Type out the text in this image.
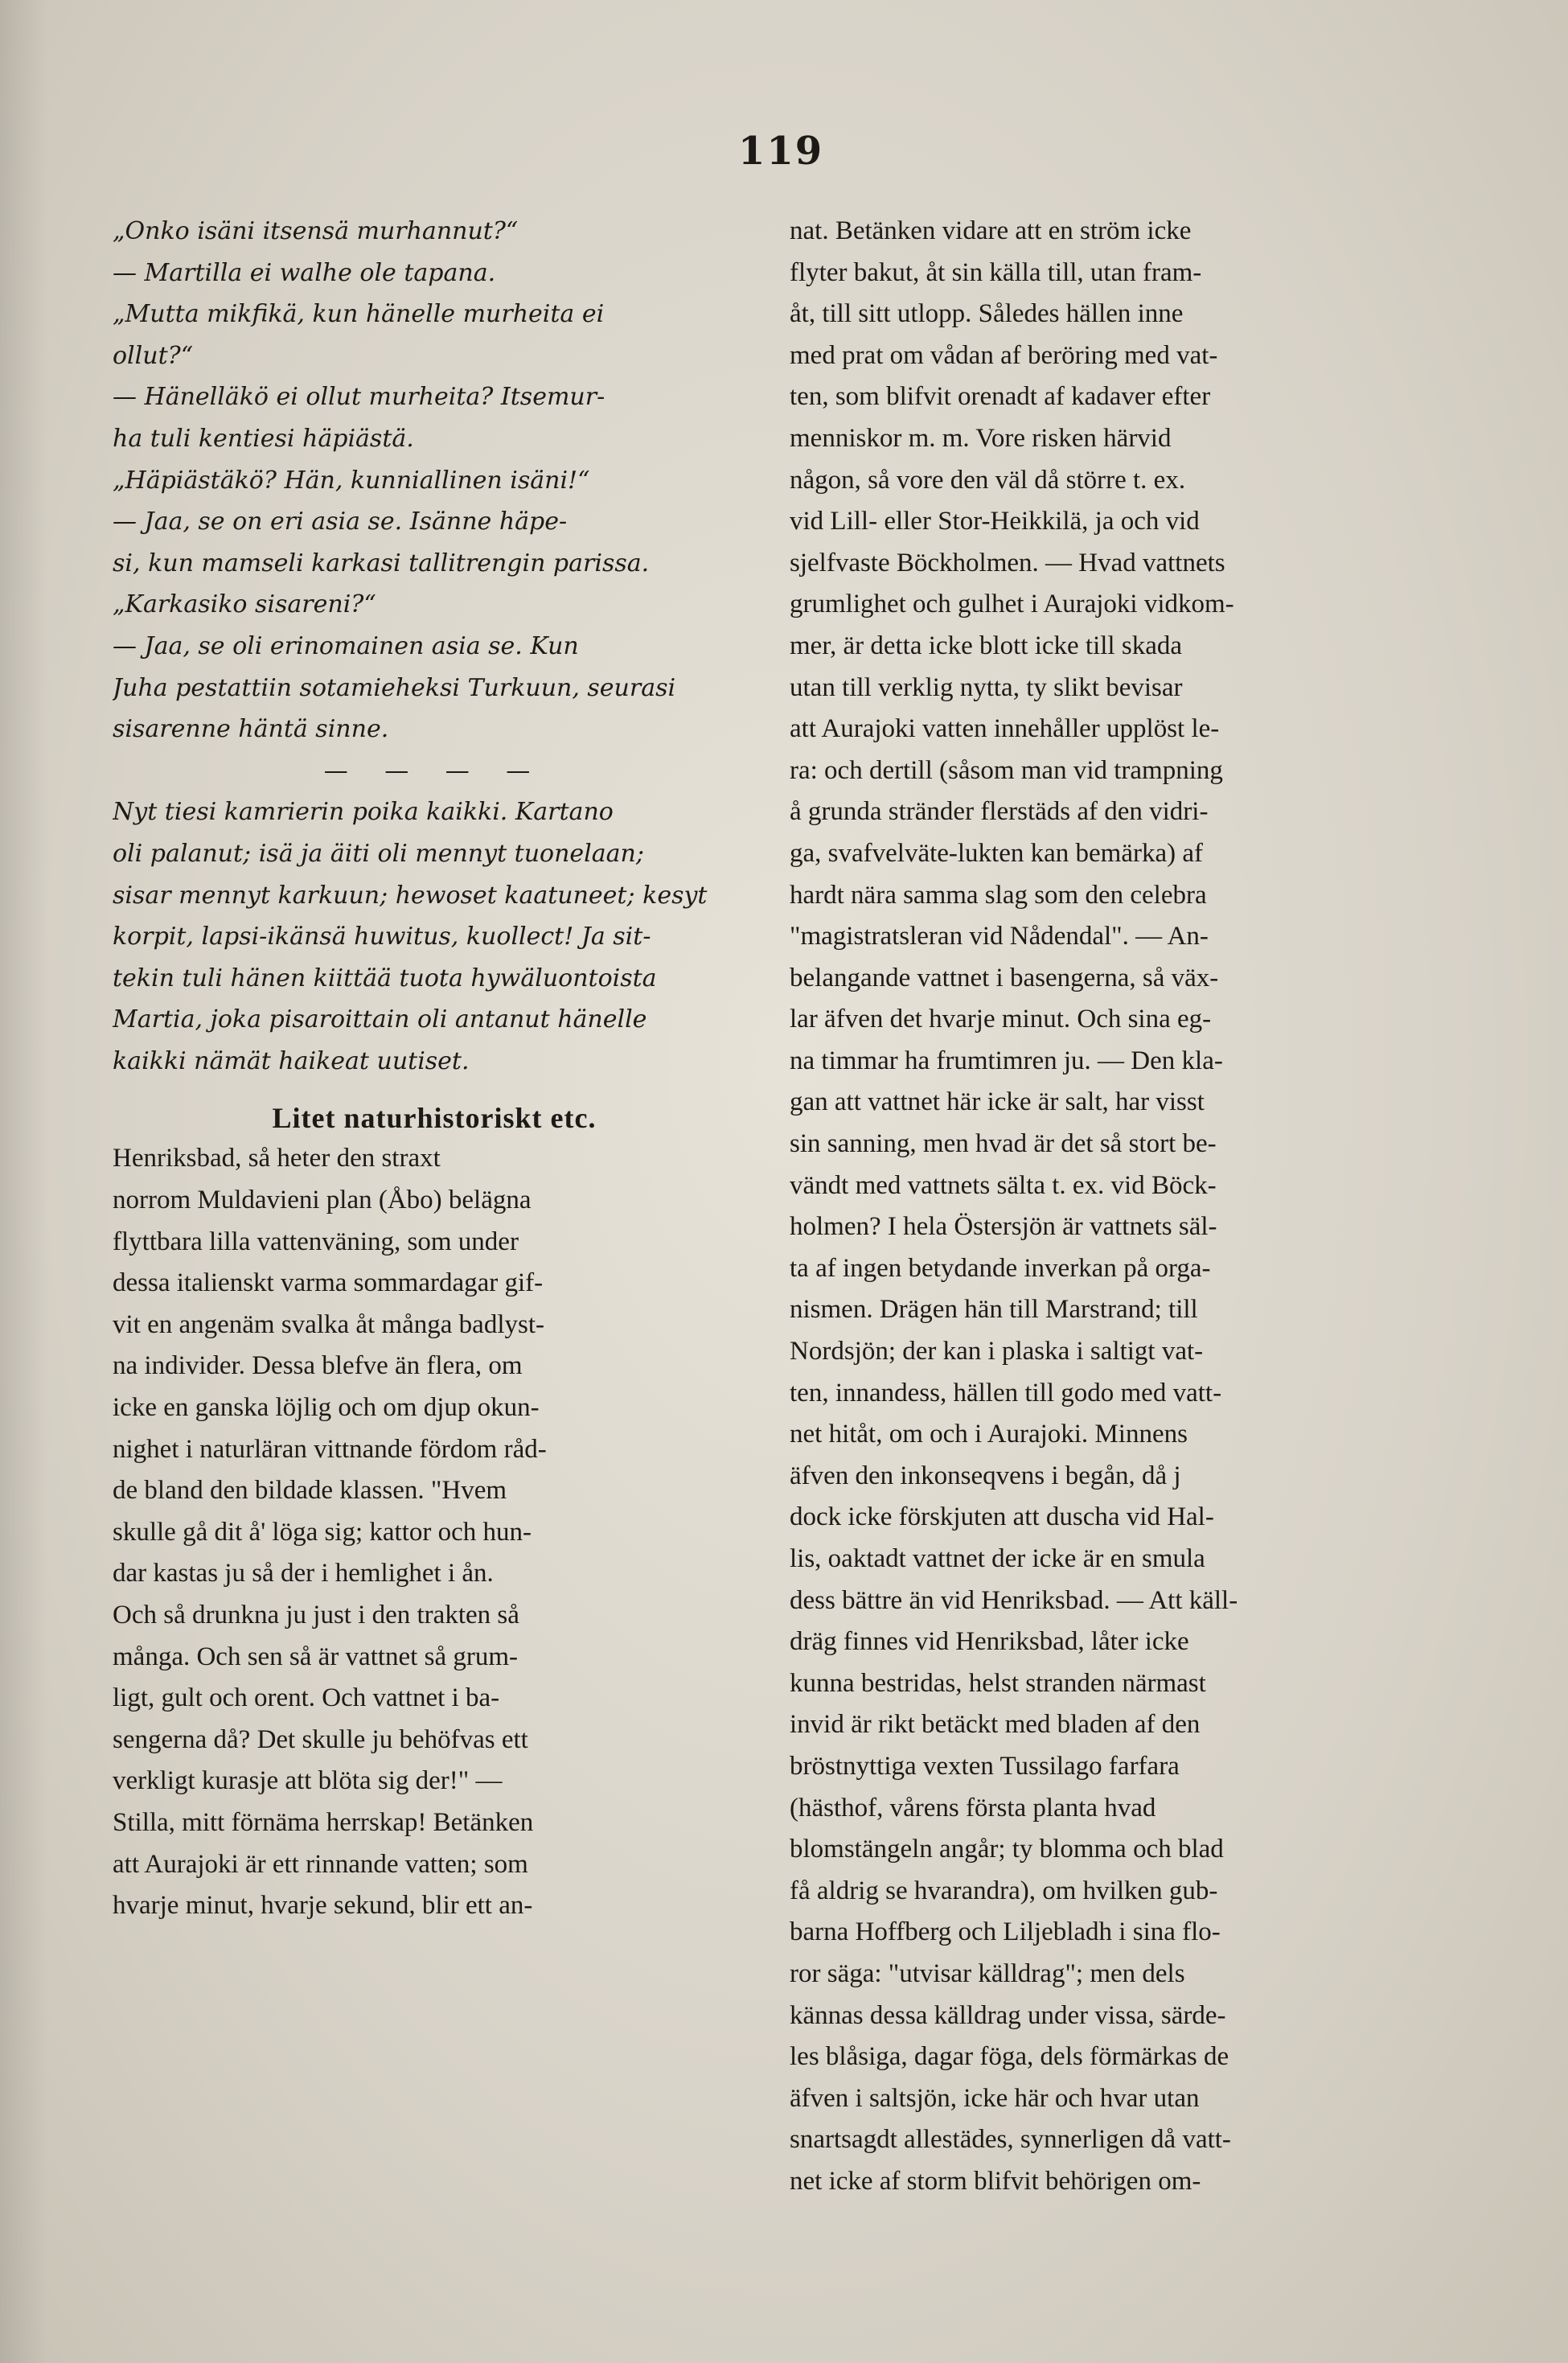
119
„Onko isäni itsensä murhannut?“
— Martilla ei walhe ole tapana.
„Mutta mikfikä, kun hänelle murheita ei
ollut?“
— Hänelläkö ei ollut murheita? Itsemur-
ha tuli kentiesi häpiästä.
„Häpiästäkö? Hän, kunniallinen isäni!“
— Jaa, se on eri asia se. Isänne häpe-
si, kun mamseli karkasi tallitrengin parissa.
„Karkasiko sisareni?“
— Jaa, se oli erinomainen asia se. Kun
Juha pestattiin sotamieheksi Turkuun, seurasi
sisarenne häntä sinne.
— — — —
Nyt tiesi kamrierin poika kaikki. Kartano
oli palanut; isä ja äiti oli mennyt tuonelaan;
sisar mennyt karkuun; hewoset kaatuneet; kesyt
korpit, lapsi-ikänsä huwitus, kuollect! Ja sit-
tekin tuli hänen kiittää tuota hywäluontoista
Martia, joka pisaroittain oli antanut hänelle
kaikki nämät haikeat uutiset.
Litet naturhistoriskt etc.
Henriksbad, så heter den straxt
norrom Muldavieni plan (Åbo) belägna
flyttbara lilla vattenväning, som under
dessa italienskt varma sommardagar gif-
vit en angenäm svalka åt många badlyst-
na individer. Dessa blefve än flera, om
icke en ganska löjlig och om djup okun-
nighet i naturläran vittnande fördom råd-
de bland den bildade klassen. "Hvem
skulle gå dit å' löga sig; kattor och hun-
dar kastas ju så der i hemlighet i ån.
Och så drunkna ju just i den trakten så
många. Och sen så är vattnet så grum-
ligt, gult och orent. Och vattnet i ba-
sengerna då? Det skulle ju behöfvas ett
verkligt kurasje att blöta sig der!" —
Stilla, mitt förnäma herrskap! Betänken
att Aurajoki är ett rinnande vatten; som
hvarje minut, hvarje sekund, blir ett an-
nat. Betänken vidare att en ström icke
flyter bakut, åt sin källa till, utan fram-
åt, till sitt utlopp. Således hällen inne
med prat om vådan af beröring med vat-
ten, som blifvit orenadt af kadaver efter
menniskor m. m. Vore risken härvid
någon, så vore den väl då större t. ex.
vid Lill- eller Stor-Heikkilä, ja och vid
sjelfvaste Böckholmen. — Hvad vattnets
grumlighet och gulhet i Aurajoki vidkom-
mer, är detta icke blott icke till skada
utan till verklig nytta, ty slikt bevisar
att Aurajoki vatten innehåller upplöst le-
ra: och dertill (såsom man vid trampning
å grunda stränder flerstäds af den vidri-
ga, svafvelväte-lukten kan bemärka) af
hardt nära samma slag som den celebra
"magistratsleran vid Nådendal". — An-
belangande vattnet i basengerna, så väx-
lar äfven det hvarje minut. Och sina eg-
na timmar ha frumtimren ju. — Den kla-
gan att vattnet här icke är salt, har visst
sin sanning, men hvad är det så stort be-
vändt med vattnets sälta t. ex. vid Böck-
holmen? I hela Östersjön är vattnets säl-
ta af ingen betydande inverkan på orga-
nismen. Drägen hän till Marstrand; till
Nordsjön; der kan i plaska i saltigt vat-
ten, innandess, hällen till godo med vatt-
net hitåt, om och i Aurajoki. Minnens
äfven den inkonseqvens i begån, då j
dock icke förskjuten att duscha vid Hal-
lis, oaktadt vattnet der icke är en smula
dess bättre än vid Henriksbad. — Att käll-
dräg finnes vid Henriksbad, låter icke
kunna bestridas, helst stranden närmast
invid är rikt betäckt med bladen af den
bröstnyttiga vexten Tussilago farfara
(hästhof, vårens första planta hvad
blomstängeln angår; ty blomma och blad
få aldrig se hvarandra), om hvilken gub-
barna Hoffberg och Liljebladh i sina flo-
ror säga: "utvisar källdrag"; men dels
kännas dessa källdrag under vissa, särde-
les blåsiga, dagar föga, dels förmärkas de
äfven i saltsjön, icke här och hvar utan
snartsagdt allestädes, synnerligen då vatt-
net icke af storm blifvit behörigen om-
